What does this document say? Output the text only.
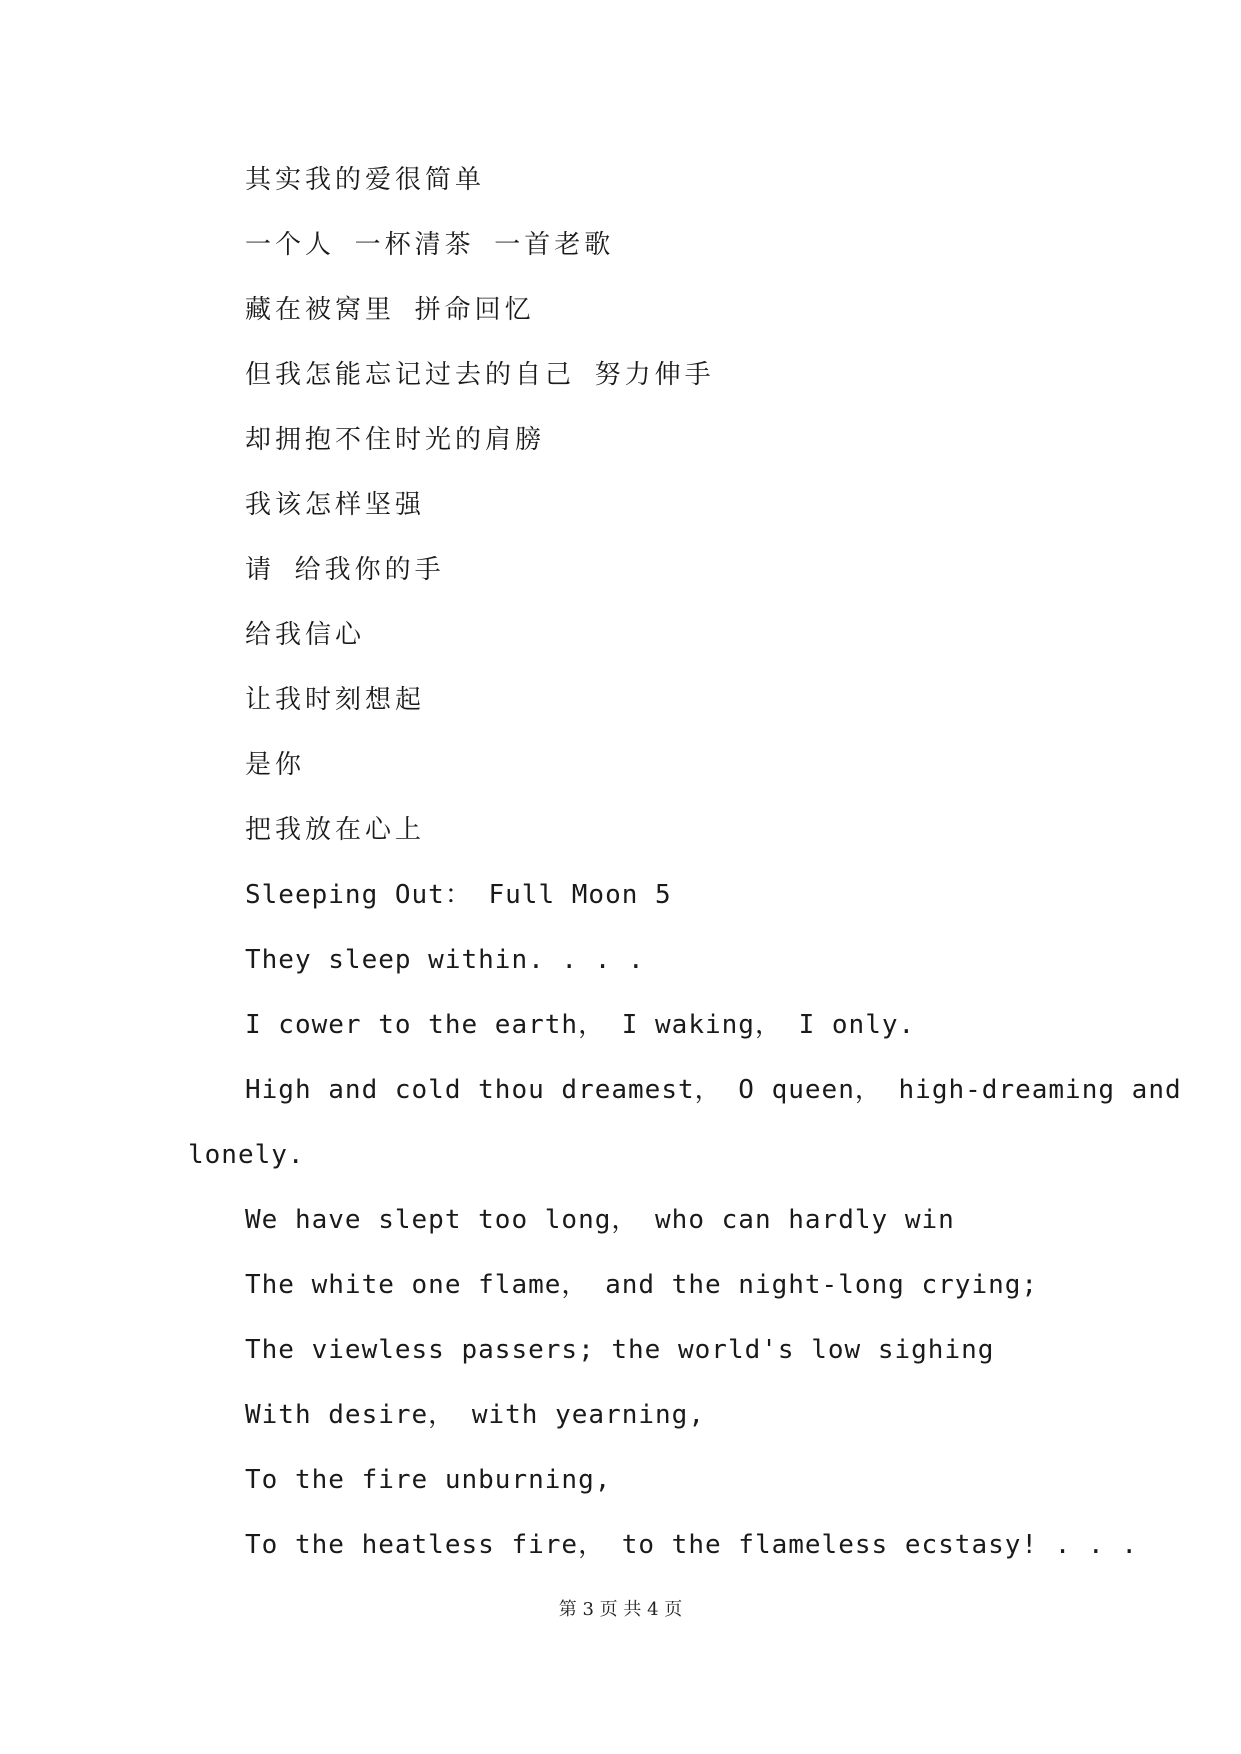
其实我的爱很简单
一个人 一杯清茶 一首老歌
藏在被窝里 拼命回忆
但我怎能忘记过去的自己 努力伸手
却拥抱不住时光的肩膀
我该怎样坚强
请 给我你的手
给我信心
让我时刻想起
是你
把我放在心上
Sleeping Out： Full Moon 5
They sleep within. . . .
I cower to the earth， I waking， I only.
High and cold thou dreamest， O queen， high-dreaming and
lonely.
We have slept too long， who can hardly win
The white one flame， and the night-long crying;
The viewless passers; the world's low sighing
With desire， with yearning,
To the fire unburning,
To the heatless fire， to the flameless ecstasy! . . .
第 3 页 共 4 页
